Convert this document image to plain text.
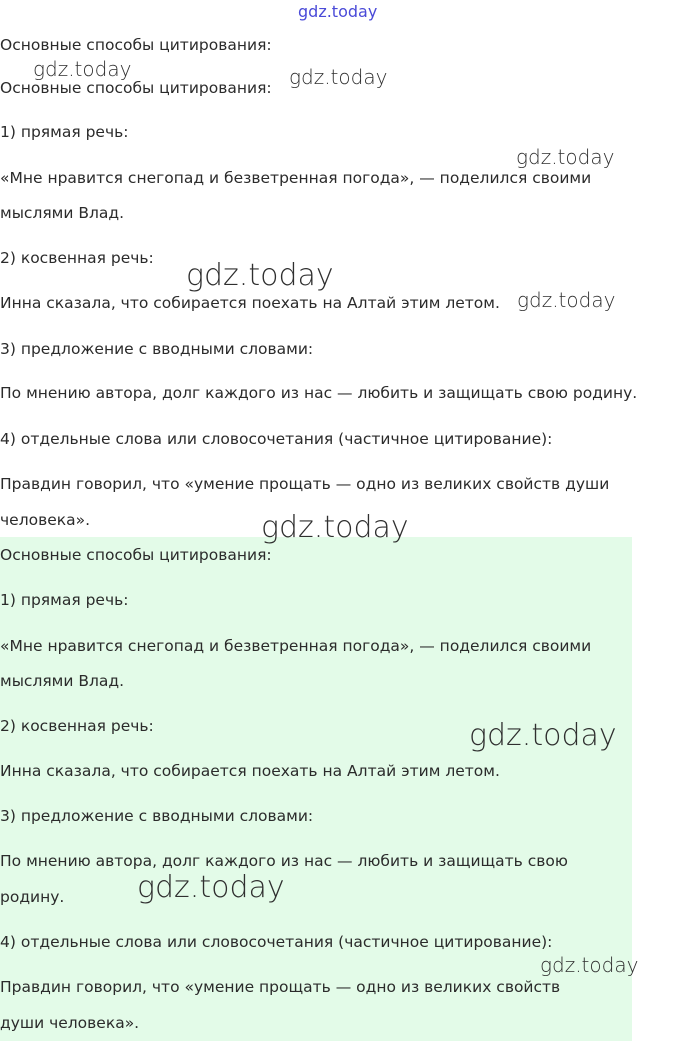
gdz.today

Основные способы цитирования:

Основные способы цитирования:

1) прямая речь:

«Мне нравится снегопад и безветренная погода», — поделился своими

мыслями Влад.

2) косвенная речь:

Инна сказала, что собирается поехать на Алтай этим летом.

3) предложение с вводными словами:

По мнению автора, долг каждого из нас — любить и защищать свою родину.

4) отдельные слова или словосочетания (частичное цитирование):

Правдин говорил, что «умение прощать — одно из великих свойств души

человека».

Основные способы цитирования:

1) прямая речь:

«Мне нравится снегопад и безветренная погода», — поделился своими

мыслями Влад.

2) косвенная речь:

Инна сказала, что собирается поехать на Алтай этим летом.

3) предложение с вводными словами:

По мнению автора, долг каждого из нас — любить и защищать свою

родину.

4) отдельные слова или словосочетания (частичное цитирование):

Правдин говорил, что «умение прощать — одно из великих свойств

души человека».

gdz.today	gdz.today
gdz.today
gdz.today
gdz.today
gdz.today
gdz.today
gdz.today
gdz.today
